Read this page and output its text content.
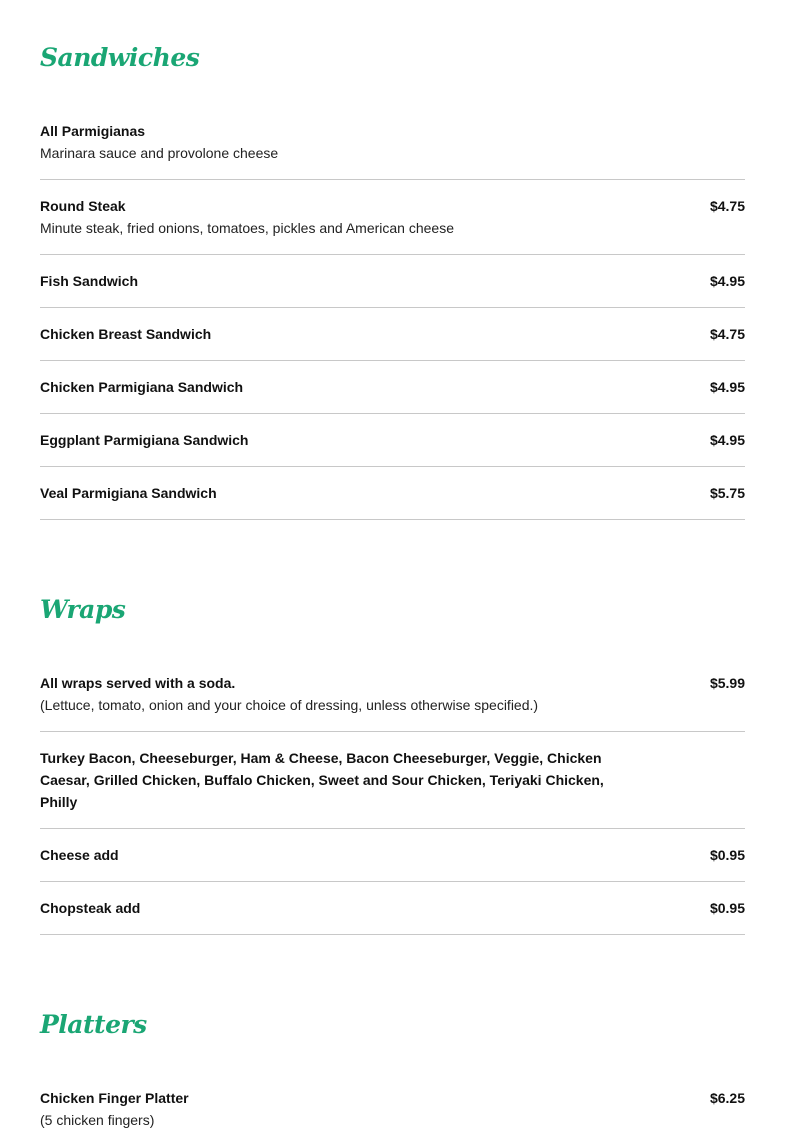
Sandwiches
All Parmigianas
Marinara sauce and provolone cheese
$4.75
Round Steak
Minute steak, fried onions, tomatoes, pickles and American cheese
$4.95
Fish Sandwich
$4.75
Chicken Breast Sandwich
$4.95
Chicken Parmigiana Sandwich
$4.95
Eggplant Parmigiana Sandwich
$5.75
Veal Parmigiana Sandwich
Wraps
$5.99
All wraps served with a soda.
(Lettuce, tomato, onion and your choice of dressing, unless otherwise specified.)
Turkey Bacon, Cheeseburger, Ham & Cheese, Bacon Cheeseburger, Veggie, Chicken Caesar, Grilled Chicken, Buffalo Chicken, Sweet and Sour Chicken, Teriyaki Chicken, Philly
$0.95
Cheese add
$0.95
Chopsteak add
Platters
$6.25
Chicken Finger Platter
(5 chicken fingers)
